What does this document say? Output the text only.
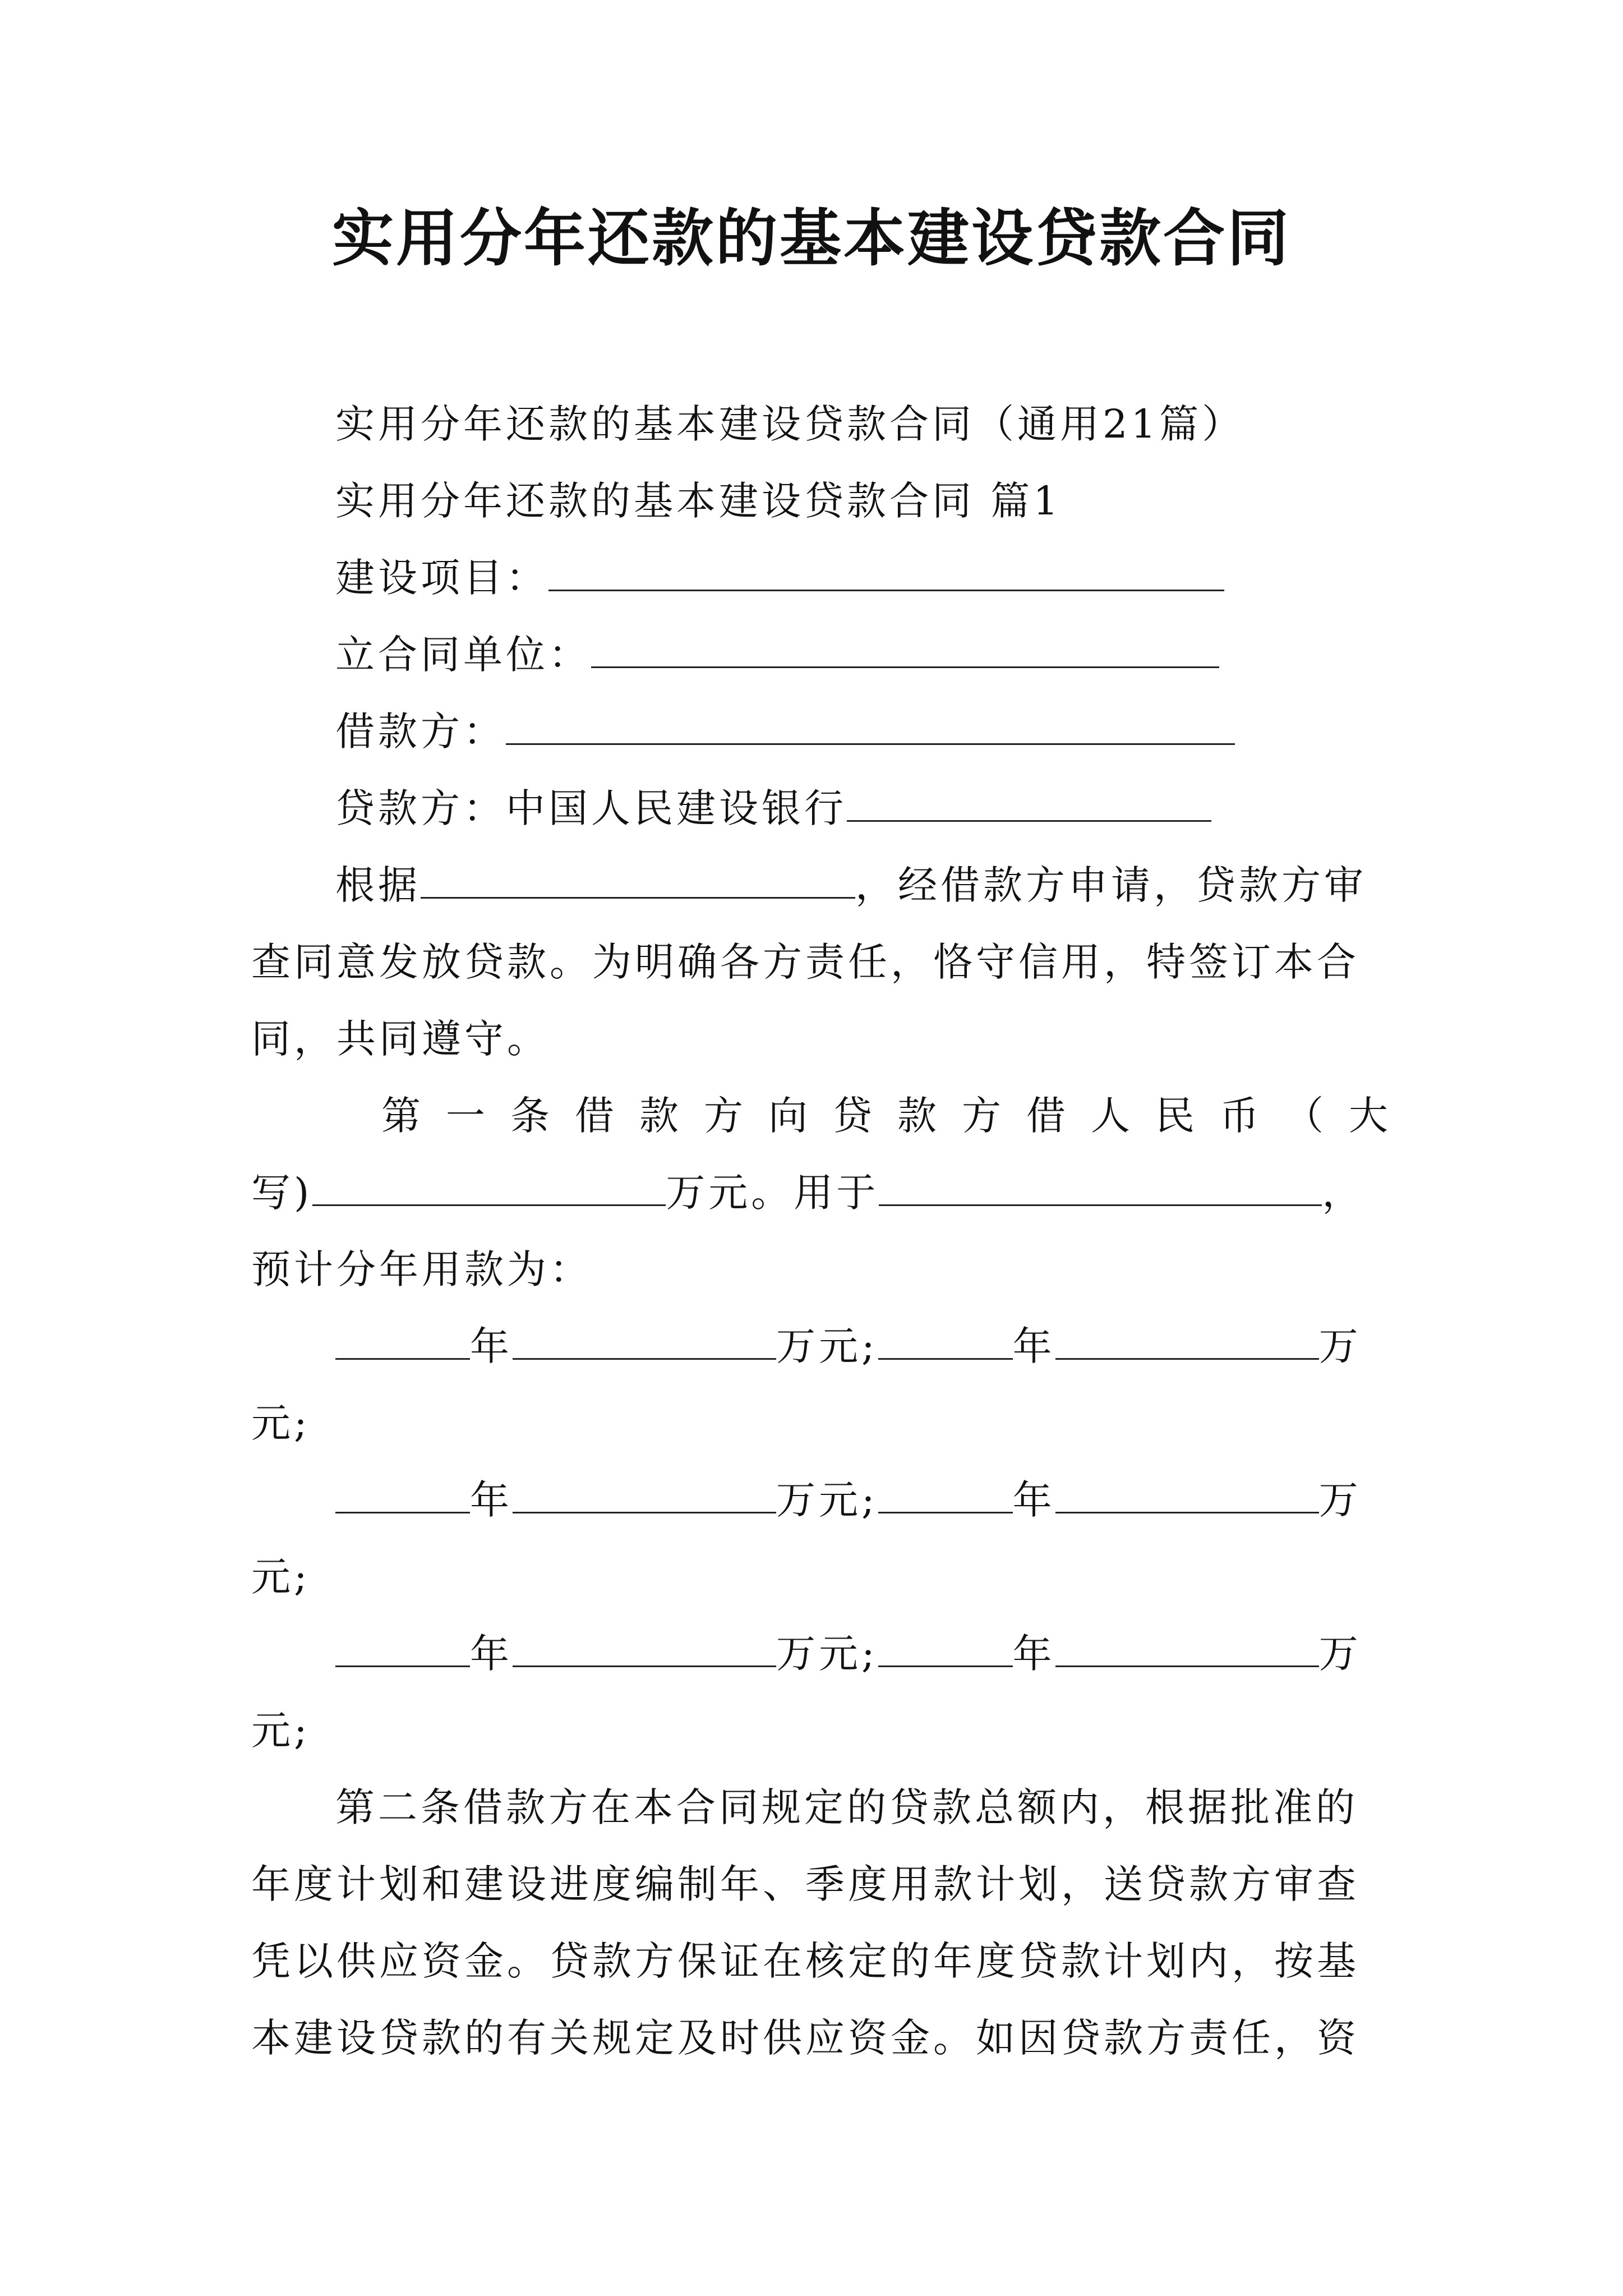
实用分年还款的基本建设贷款合同
实用分年还款的基本建设贷款合同（通用21篇）
实用分年还款的基本建设贷款合同 篇1
建设项目：
立合同单位：
借款方：
贷款方：中国人民建设银行
根据	，经借款方申请，贷款方审
查同意发放贷款。为明确各方责任，恪守信用，特签订本合
同，共同遵守。
第一条借款方向贷款方借人民币（大
写)	万元。用于	，
预计分年用款为：
年	万元;	年	万
元;
年	万元;	年	万
元;
年	万元;	年	万
元;
第二条借款方在本合同规定的贷款总额内，根据批准的
年度计划和建设进度编制年、季度用款计划，送贷款方审查
凭以供应资金。贷款方保证在核定的年度贷款计划内，按基
本建设贷款的有关规定及时供应资金。如因贷款方责任，资
